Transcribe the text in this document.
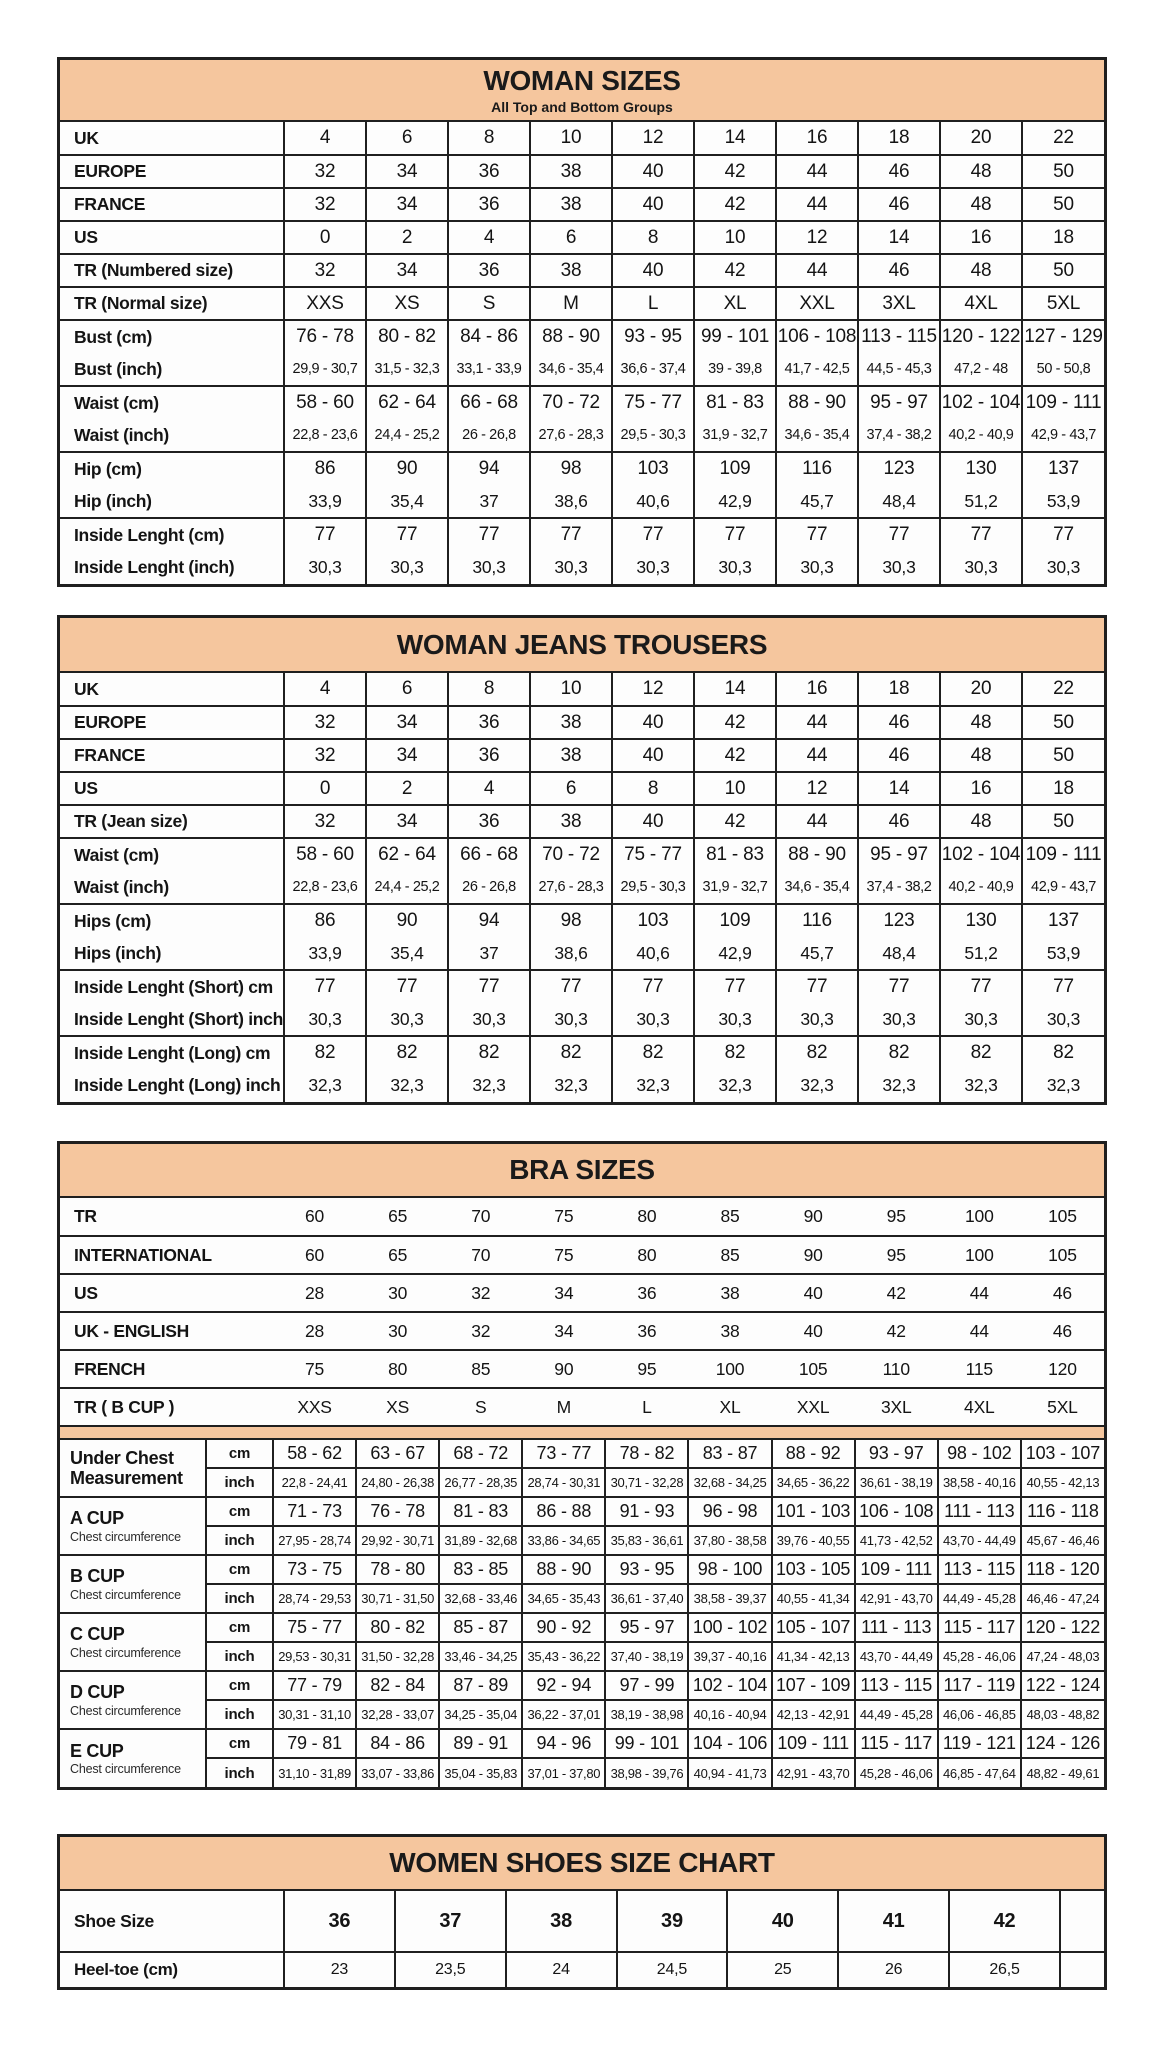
WOMAN SIZES
All Top and Bottom Groups
UK	4	6	8	10	12	14	16	18	20	22
EUROPE	32	34	36	38	40	42	44	46	48	50
FRANCE	32	34	36	38	40	42	44	46	48	50
US	0	2	4	6	8	10	12	14	16	18
TR (Numbered size)	32	34	36	38	40	42	44	46	48	50
TR (Normal size)	XXS	XS	S	M	L	XL	XXL	3XL	4XL	5XL
Bust (cm)	76 - 78	80 - 82	84 - 86	88 - 90	93 - 95	99 - 101	106 - 108	113 - 115	120 - 122	127 - 129
Bust (inch)	29,9 - 30,7	31,5 - 32,3	33,1 - 33,9	34,6 - 35,4	36,6 - 37,4	39 - 39,8	41,7 - 42,5	44,5 - 45,3	47,2 - 48	50 - 50,8
Waist (cm)	58 - 60	62 - 64	66 - 68	70 - 72	75 - 77	81 - 83	88 - 90	95 - 97	102 - 104	109 - 111
Waist (inch)	22,8 - 23,6	24,4 - 25,2	26 - 26,8	27,6 - 28,3	29,5 - 30,3	31,9 - 32,7	34,6 - 35,4	37,4 - 38,2	40,2 - 40,9	42,9 - 43,7
Hip (cm)	86	90	94	98	103	109	116	123	130	137
Hip (inch)	33,9	35,4	37	38,6	40,6	42,9	45,7	48,4	51,2	53,9
Inside Lenght (cm)	77	77	77	77	77	77	77	77	77	77
Inside Lenght (inch)	30,3	30,3	30,3	30,3	30,3	30,3	30,3	30,3	30,3	30,3
WOMAN JEANS TROUSERS
UK	4	6	8	10	12	14	16	18	20	22
EUROPE	32	34	36	38	40	42	44	46	48	50
FRANCE	32	34	36	38	40	42	44	46	48	50
US	0	2	4	6	8	10	12	14	16	18
TR (Jean size)	32	34	36	38	40	42	44	46	48	50
Waist (cm)	58 - 60	62 - 64	66 - 68	70 - 72	75 - 77	81 - 83	88 - 90	95 - 97	102 - 104	109 - 111
Waist (inch)	22,8 - 23,6	24,4 - 25,2	26 - 26,8	27,6 - 28,3	29,5 - 30,3	31,9 - 32,7	34,6 - 35,4	37,4 - 38,2	40,2 - 40,9	42,9 - 43,7
Hips (cm)	86	90	94	98	103	109	116	123	130	137
Hips (inch)	33,9	35,4	37	38,6	40,6	42,9	45,7	48,4	51,2	53,9
Inside Lenght (Short) cm	77	77	77	77	77	77	77	77	77	77
Inside Lenght (Short) inch	30,3	30,3	30,3	30,3	30,3	30,3	30,3	30,3	30,3	30,3
Inside Lenght (Long) cm	82	82	82	82	82	82	82	82	82	82
Inside Lenght (Long) inch	32,3	32,3	32,3	32,3	32,3	32,3	32,3	32,3	32,3	32,3
BRA SIZES
TR		60	65	70	75	80	85	90	95	100	105
INTERNATIONAL		60	65	70	75	80	85	90	95	100	105
US		28	30	32	34	36	38	40	42	44	46
UK - ENGLISH		28	30	32	34	36	38	40	42	44	46
FRENCH		75	80	85	90	95	100	105	110	115	120
TR ( B CUP )		XXS	XS	S	M	L	XL	XXL	3XL	4XL	5XL

Under Chest Measurement	cm	58 - 62	63 - 67	68 - 72	73 - 77	78 - 82	83 - 87	88 - 92	93 - 97	98 - 102	103 - 107
	inch	22,8 - 24,41	24,80 - 26,38	26,77 - 28,35	28,74 - 30,31	30,71 - 32,28	32,68 - 34,25	34,65 - 36,22	36,61 - 38,19	38,58 - 40,16	40,55 - 42,13

A CUP
Chest circumference	cm	71 - 73	76 - 78	81 - 83	86 - 88	91 - 93	96 - 98	101 - 103	106 - 108	111 - 113	116 - 118
	inch	27,95 - 28,74	29,92 - 30,71	31,89 - 32,68	33,86 - 34,65	35,83 - 36,61	37,80 - 38,58	39,76 - 40,55	41,73 - 42,52	43,70 - 44,49	45,67 - 46,46

B CUP
Chest circumference	cm	73 - 75	78 - 80	83 - 85	88 - 90	93 - 95	98 - 100	103 - 105	109 - 111	113 - 115	118 - 120
	inch	28,74 - 29,53	30,71 - 31,50	32,68 - 33,46	34,65 - 35,43	36,61 - 37,40	38,58 - 39,37	40,55 - 41,34	42,91 - 43,70	44,49 - 45,28	46,46 - 47,24

C CUP
Chest circumference	cm	75 - 77	80 - 82	85 - 87	90 - 92	95 - 97	100 - 102	105 - 107	111 - 113	115 - 117	120 - 122
	inch	29,53 - 30,31	31,50 - 32,28	33,46 - 34,25	35,43 - 36,22	37,40 - 38,19	39,37 - 40,16	41,34 - 42,13	43,70 - 44,49	45,28 - 46,06	47,24 - 48,03

D CUP
Chest circumference	cm	77 - 79	82 - 84	87 - 89	92 - 94	97 - 99	102 - 104	107 - 109	113 - 115	117 - 119	122 - 124
	inch	30,31 - 31,10	32,28 - 33,07	34,25 - 35,04	36,22 - 37,01	38,19 - 38,98	40,16 - 40,94	42,13 - 42,91	44,49 - 45,28	46,06 - 46,85	48,03 - 48,82

E CUP
Chest circumference	cm	79 - 81	84 - 86	89 - 91	94 - 96	99 - 101	104 - 106	109 - 111	115 - 117	119 - 121	124 - 126
	inch	31,10 - 31,89	33,07 - 33,86	35,04 - 35,83	37,01 - 37,80	38,98 - 39,76	40,94 - 41,73	42,91 - 43,70	45,28 - 46,06	46,85 - 47,64	48,82 - 49,61
WOMEN SHOES SIZE CHART
Shoe Size	36	37	38	39	40	41	42	
Heel-toe (cm)	23	23,5	24	24,5	25	26	26,5	
